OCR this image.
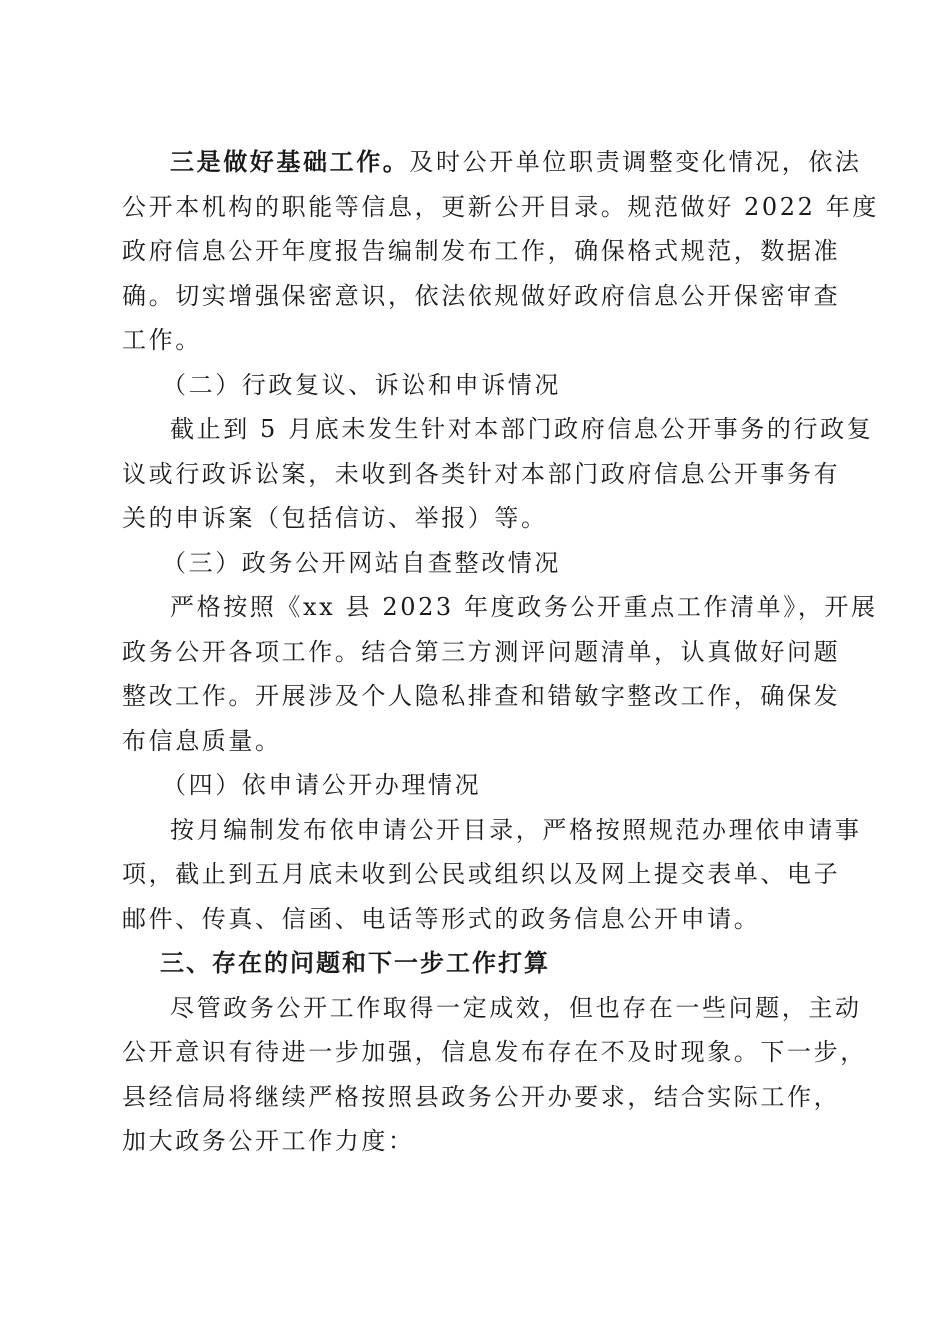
三是做好基础工作。及时公开单位职责调整变化情况，依法
公开本机构的职能等信息，更新公开目录。规范做好 2022 年度
政府信息公开年度报告编制发布工作，确保格式规范，数据准
确。切实增强保密意识，依法依规做好政府信息公开保密审查
工作。

（二）行政复议、诉讼和申诉情况

截止到 5 月底未发生针对本部门政府信息公开事务的行政复
议或行政诉讼案，未收到各类针对本部门政府信息公开事务有
关的申诉案（包括信访、举报）等。

（三）政务公开网站自查整改情况

严格按照《xx 县 2023 年度政务公开重点工作清单》，开展
政务公开各项工作。结合第三方测评问题清单，认真做好问题
整改工作。开展涉及个人隐私排查和错敏字整改工作，确保发
布信息质量。

（四）依申请公开办理情况

按月编制发布依申请公开目录，严格按照规范办理依申请事
项，截止到五月底未收到公民或组织以及网上提交表单、电子
邮件、传真、信函、电话等形式的政务信息公开申请。

三、存在的问题和下一步工作打算

尽管政务公开工作取得一定成效，但也存在一些问题，主动
公开意识有待进一步加强，信息发布存在不及时现象。下一步，
县经信局将继续严格按照县政务公开办要求，结合实际工作，
加大政务公开工作力度：
